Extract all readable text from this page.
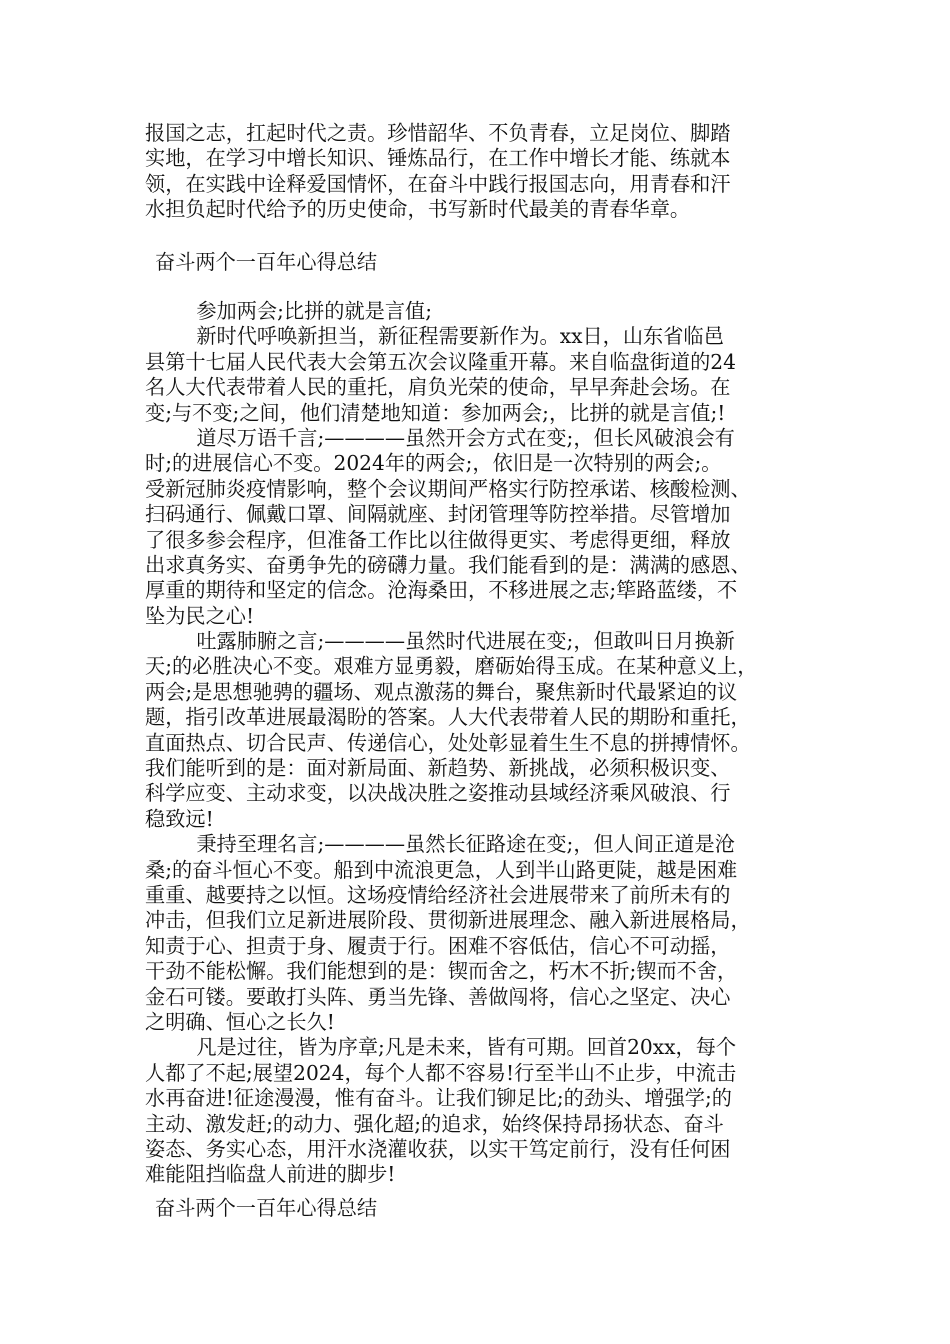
报国之志，扛起时代之责。珍惜韶华、不负青春，立足岗位、脚踏
实地，在学习中增长知识、锤炼品行，在工作中增长才能、练就本
领，在实践中诠释爱国情怀，在奋斗中践行报国志向，用青春和汗
水担负起时代给予的历史使命，书写新时代最美的青春华章。
奋斗两个一百年心得总结
参加两会;比拼的就是言值;
新时代呼唤新担当，新征程需要新作为。xx日，山东省临邑
县第十七届人民代表大会第五次会议隆重开幕。来自临盘街道的24
名人大代表带着人民的重托，肩负光荣的使命，早早奔赴会场。在
变;与不变;之间，他们清楚地知道：参加两会;，比拼的就是言值;!
道尽万语千言;————虽然开会方式在变;，但长风破浪会有
时;的进展信心不变。2024年的两会;，依旧是一次特别的两会;。
受新冠肺炎疫情影响，整个会议期间严格实行防控承诺、核酸检测、
扫码通行、佩戴口罩、间隔就座、封闭管理等防控举措。尽管增加
了很多参会程序，但准备工作比以往做得更实、考虑得更细，释放
出求真务实、奋勇争先的磅礴力量。我们能看到的是：满满的感恩、
厚重的期待和坚定的信念。沧海桑田，不移进展之志;筚路蓝缕，不
坠为民之心!
吐露肺腑之言;————虽然时代进展在变;，但敢叫日月换新
天;的必胜决心不变。艰难方显勇毅，磨砺始得玉成。在某种意义上，
两会;是思想驰骋的疆场、观点激荡的舞台，聚焦新时代最紧迫的议
题，指引改革进展最渴盼的答案。人大代表带着人民的期盼和重托，
直面热点、切合民声、传递信心，处处彰显着生生不息的拼搏情怀。
我们能听到的是：面对新局面、新趋势、新挑战，必须积极识变、
科学应变、主动求变，以决战决胜之姿推动县域经济乘风破浪、行
稳致远!
秉持至理名言;————虽然长征路途在变;，但人间正道是沧
桑;的奋斗恒心不变。船到中流浪更急，人到半山路更陡，越是困难
重重、越要持之以恒。这场疫情给经济社会进展带来了前所未有的
冲击，但我们立足新进展阶段、贯彻新进展理念、融入新进展格局，
知责于心、担责于身、履责于行。困难不容低估，信心不可动摇，
干劲不能松懈。我们能想到的是：锲而舍之，朽木不折;锲而不舍，
金石可镂。要敢打头阵、勇当先锋、善做闯将，信心之坚定、决心
之明确、恒心之长久!
凡是过往，皆为序章;凡是未来，皆有可期。回首20xx，每个
人都了不起;展望2024，每个人都不容易!行至半山不止步，中流击
水再奋进!征途漫漫，惟有奋斗。让我们铆足比;的劲头、增强学;的
主动、激发赶;的动力、强化超;的追求，始终保持昂扬状态、奋斗
姿态、务实心态，用汗水浇灌收获，以实干笃定前行，没有任何困
难能阻挡临盘人前进的脚步!
奋斗两个一百年心得总结
